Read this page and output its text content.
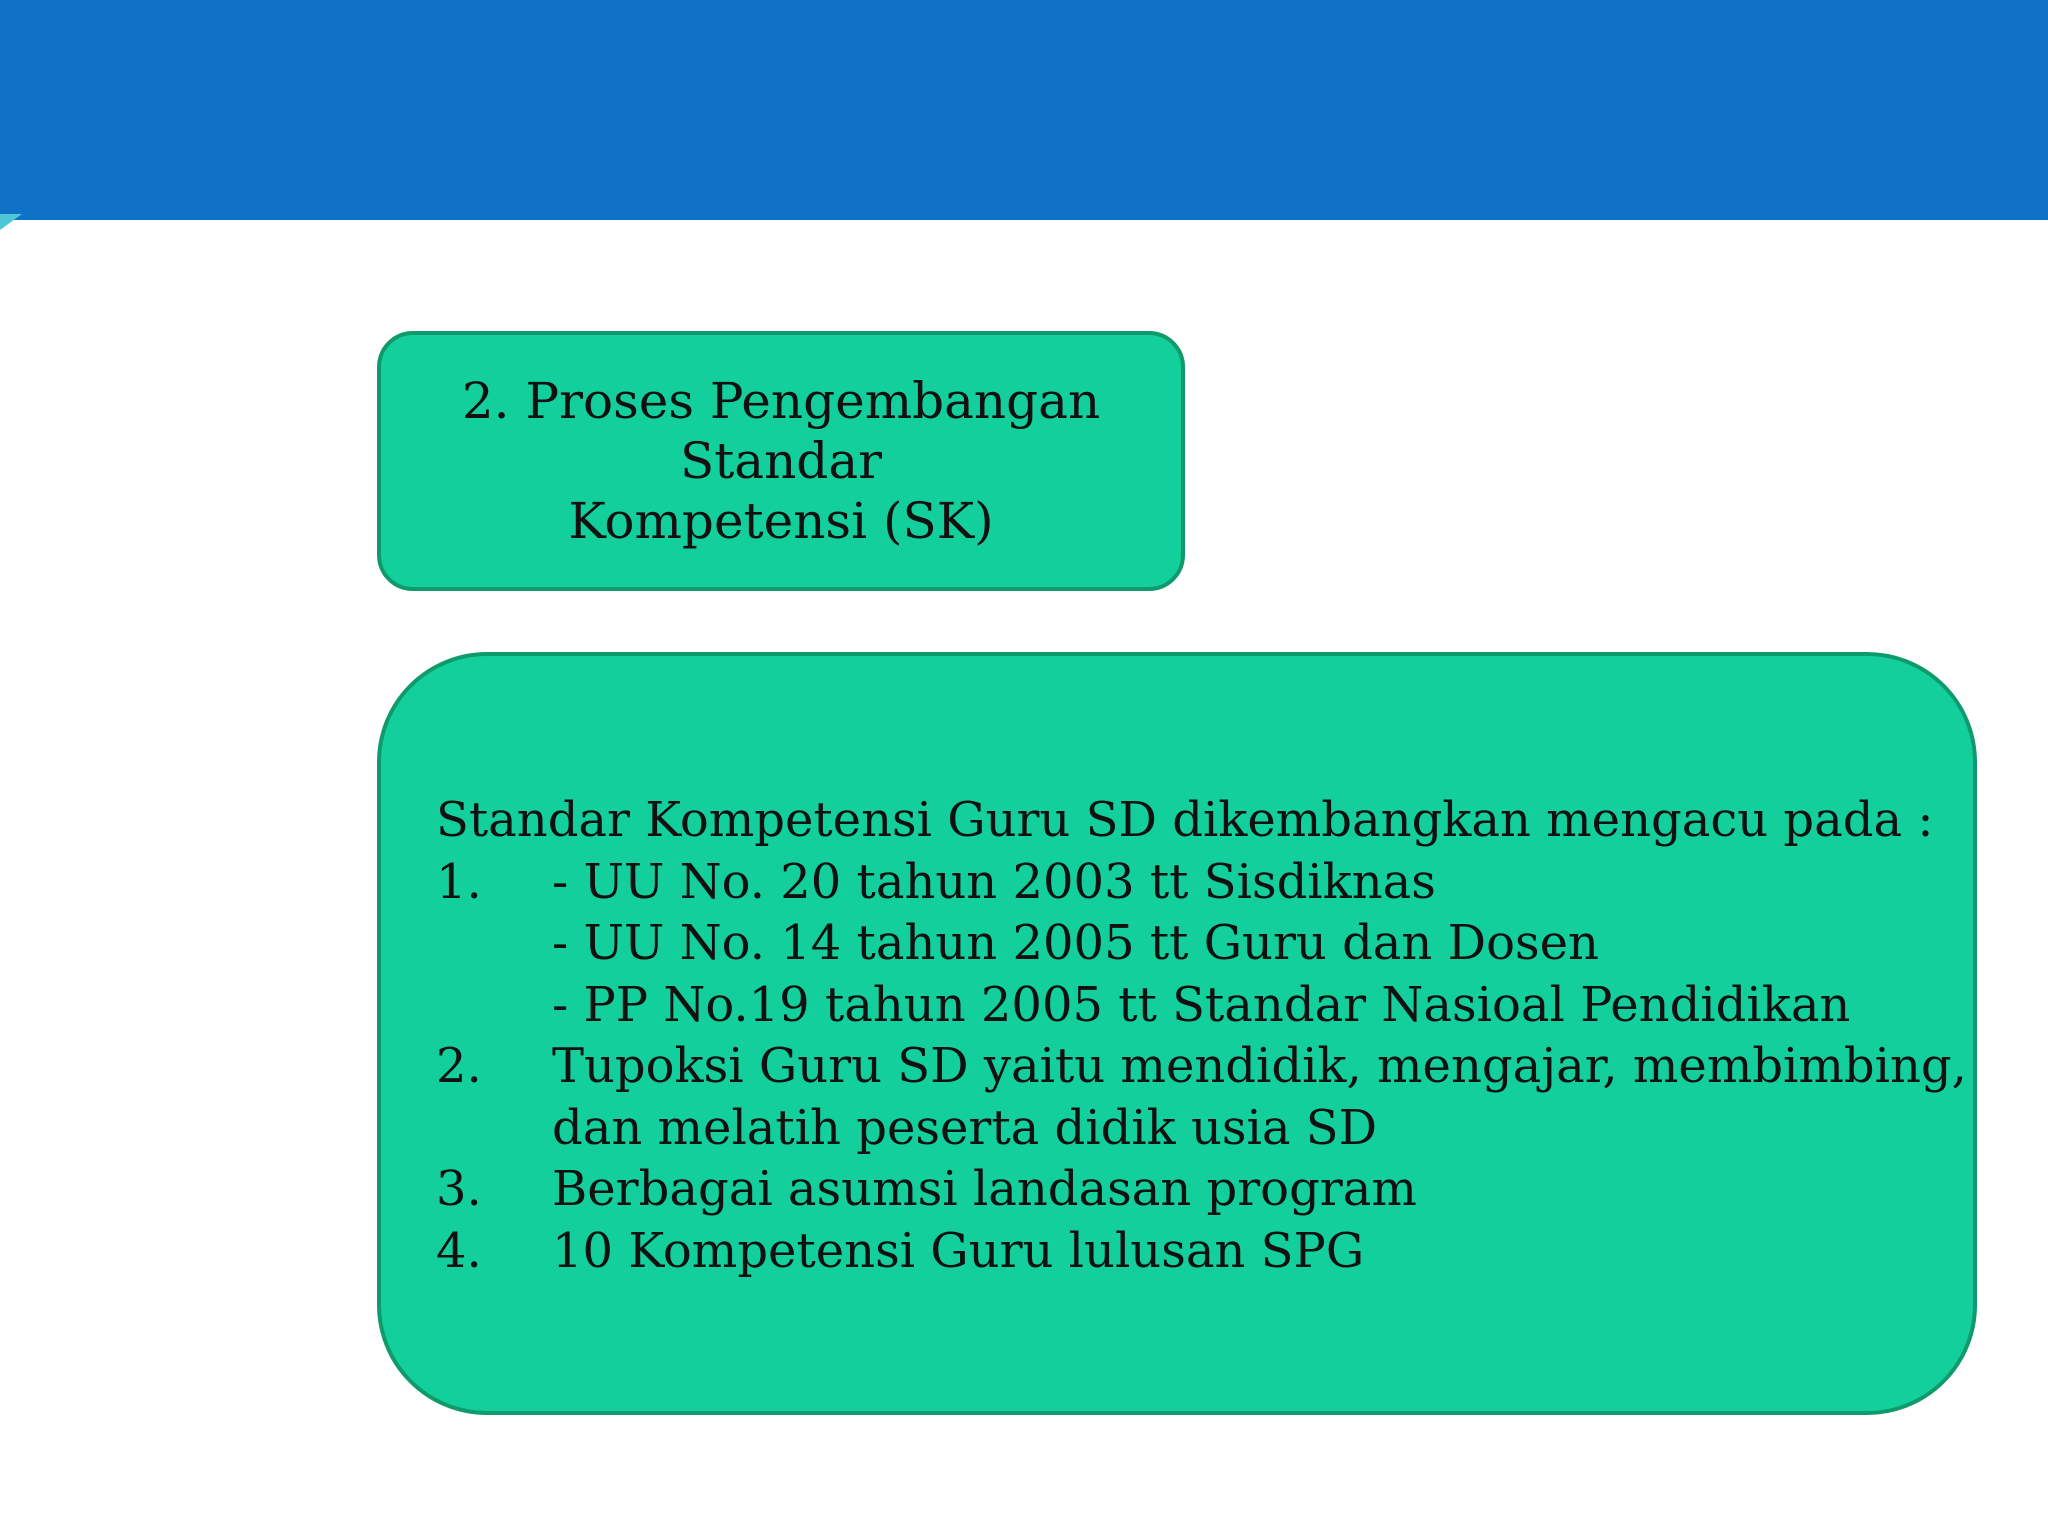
2. Proses Pengembangan Standar
Kompetensi (SK)
Standar Kompetensi Guru SD dikembangkan mengacu pada :
1.	- UU No. 20 tahun 2003 tt Sisdiknas
- UU No. 14 tahun 2005 tt Guru dan Dosen
- PP No.19 tahun 2005 tt Standar Nasioal Pendidikan
2.	Tupoksi Guru SD yaitu mendidik, mengajar, membimbing,
dan melatih peserta didik usia SD
3.	Berbagai asumsi landasan program
4.	10 Kompetensi Guru lulusan SPG
